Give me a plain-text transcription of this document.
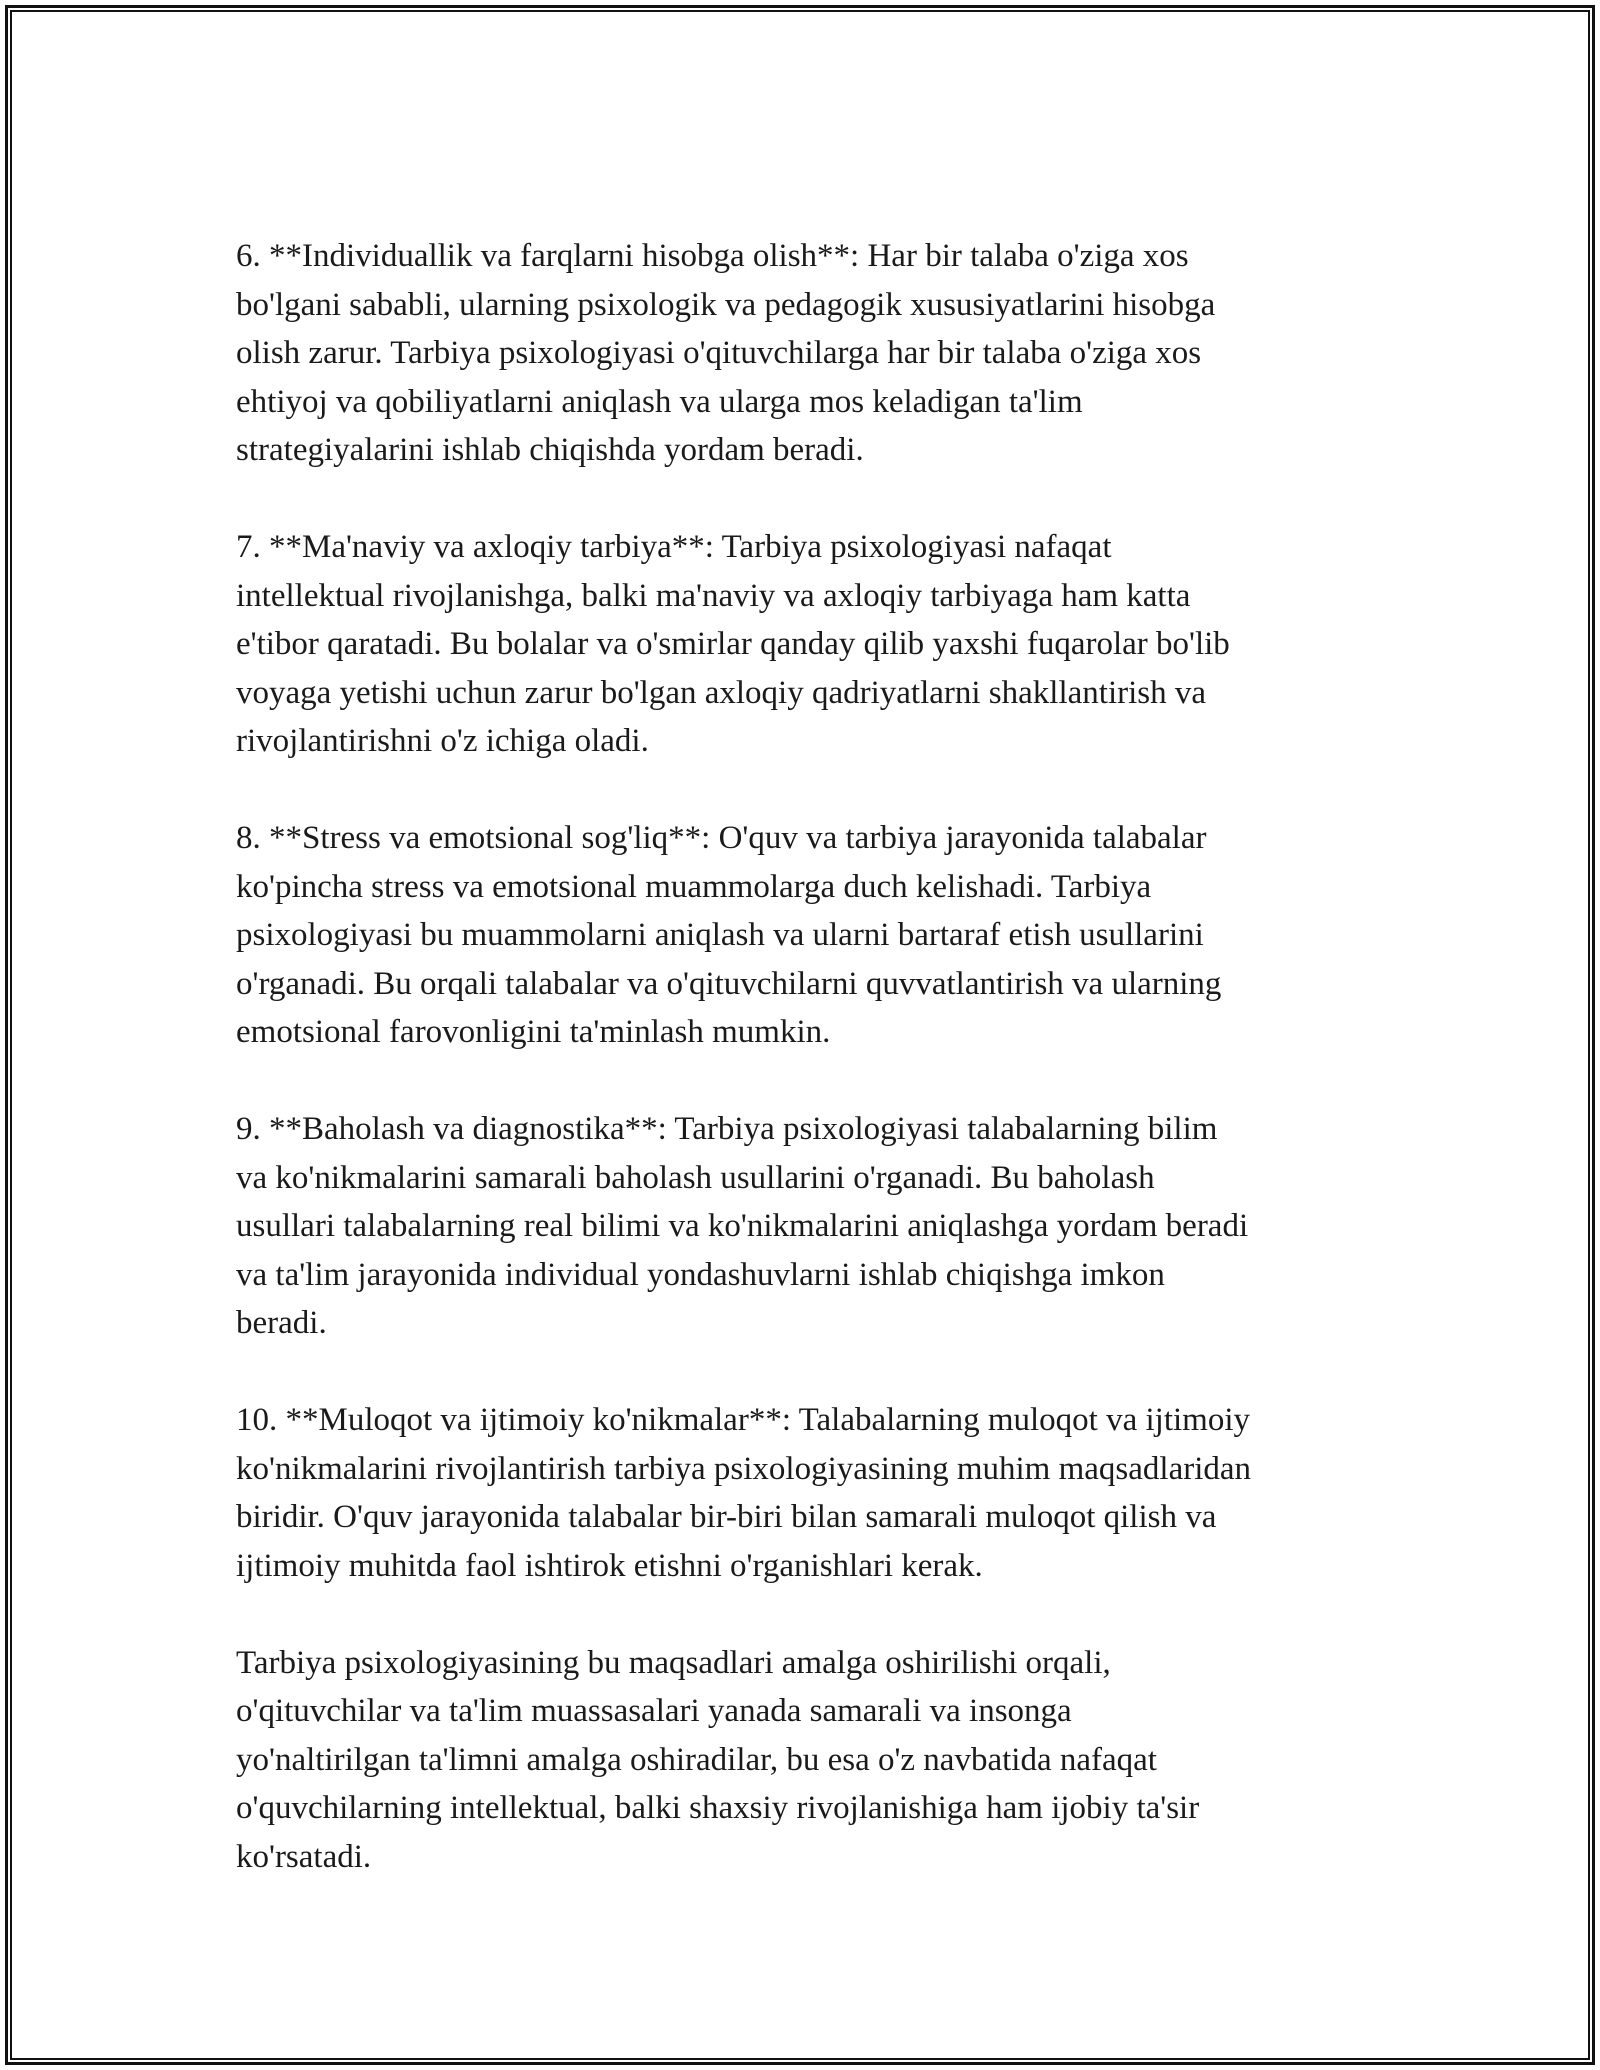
6. **Individuallik va farqlarni hisobga olish**: Har bir talaba o'ziga xos
bo'lgani sababli, ularning psixologik va pedagogik xususiyatlarini hisobga
olish zarur. Tarbiya psixologiyasi o'qituvchilarga har bir talaba o'ziga xos
ehtiyoj va qobiliyatlarni aniqlash va ularga mos keladigan ta'lim
strategiyalarini ishlab chiqishda yordam beradi.

7. **Ma'naviy va axloqiy tarbiya**: Tarbiya psixologiyasi nafaqat
intellektual rivojlanishga, balki ma'naviy va axloqiy tarbiyaga ham katta
e'tibor qaratadi. Bu bolalar va o'smirlar qanday qilib yaxshi fuqarolar bo'lib
voyaga yetishi uchun zarur bo'lgan axloqiy qadriyatlarni shakllantirish va
rivojlantirishni o'z ichiga oladi.

8. **Stress va emotsional sog'liq**: O'quv va tarbiya jarayonida talabalar
ko'pincha stress va emotsional muammolarga duch kelishadi. Tarbiya
psixologiyasi bu muammolarni aniqlash va ularni bartaraf etish usullarini
o'rganadi. Bu orqali talabalar va o'qituvchilarni quvvatlantirish va ularning
emotsional farovonligini ta'minlash mumkin.

9. **Baholash va diagnostika**: Tarbiya psixologiyasi talabalarning bilim
va ko'nikmalarini samarali baholash usullarini o'rganadi. Bu baholash
usullari talabalarning real bilimi va ko'nikmalarini aniqlashga yordam beradi
va ta'lim jarayonida individual yondashuvlarni ishlab chiqishga imkon
beradi.

10. **Muloqot va ijtimoiy ko'nikmalar**: Talabalarning muloqot va ijtimoiy
ko'nikmalarini rivojlantirish tarbiya psixologiyasining muhim maqsadlaridan
biridir. O'quv jarayonida talabalar bir-biri bilan samarali muloqot qilish va
ijtimoiy muhitda faol ishtirok etishni o'rganishlari kerak.

Tarbiya psixologiyasining bu maqsadlari amalga oshirilishi orqali,
o'qituvchilar va ta'lim muassasalari yanada samarali va insonga
yo'naltirilgan ta'limni amalga oshiradilar, bu esa o'z navbatida nafaqat
o'quvchilarning intellektual, balki shaxsiy rivojlanishiga ham ijobiy ta'sir
ko'rsatadi.
